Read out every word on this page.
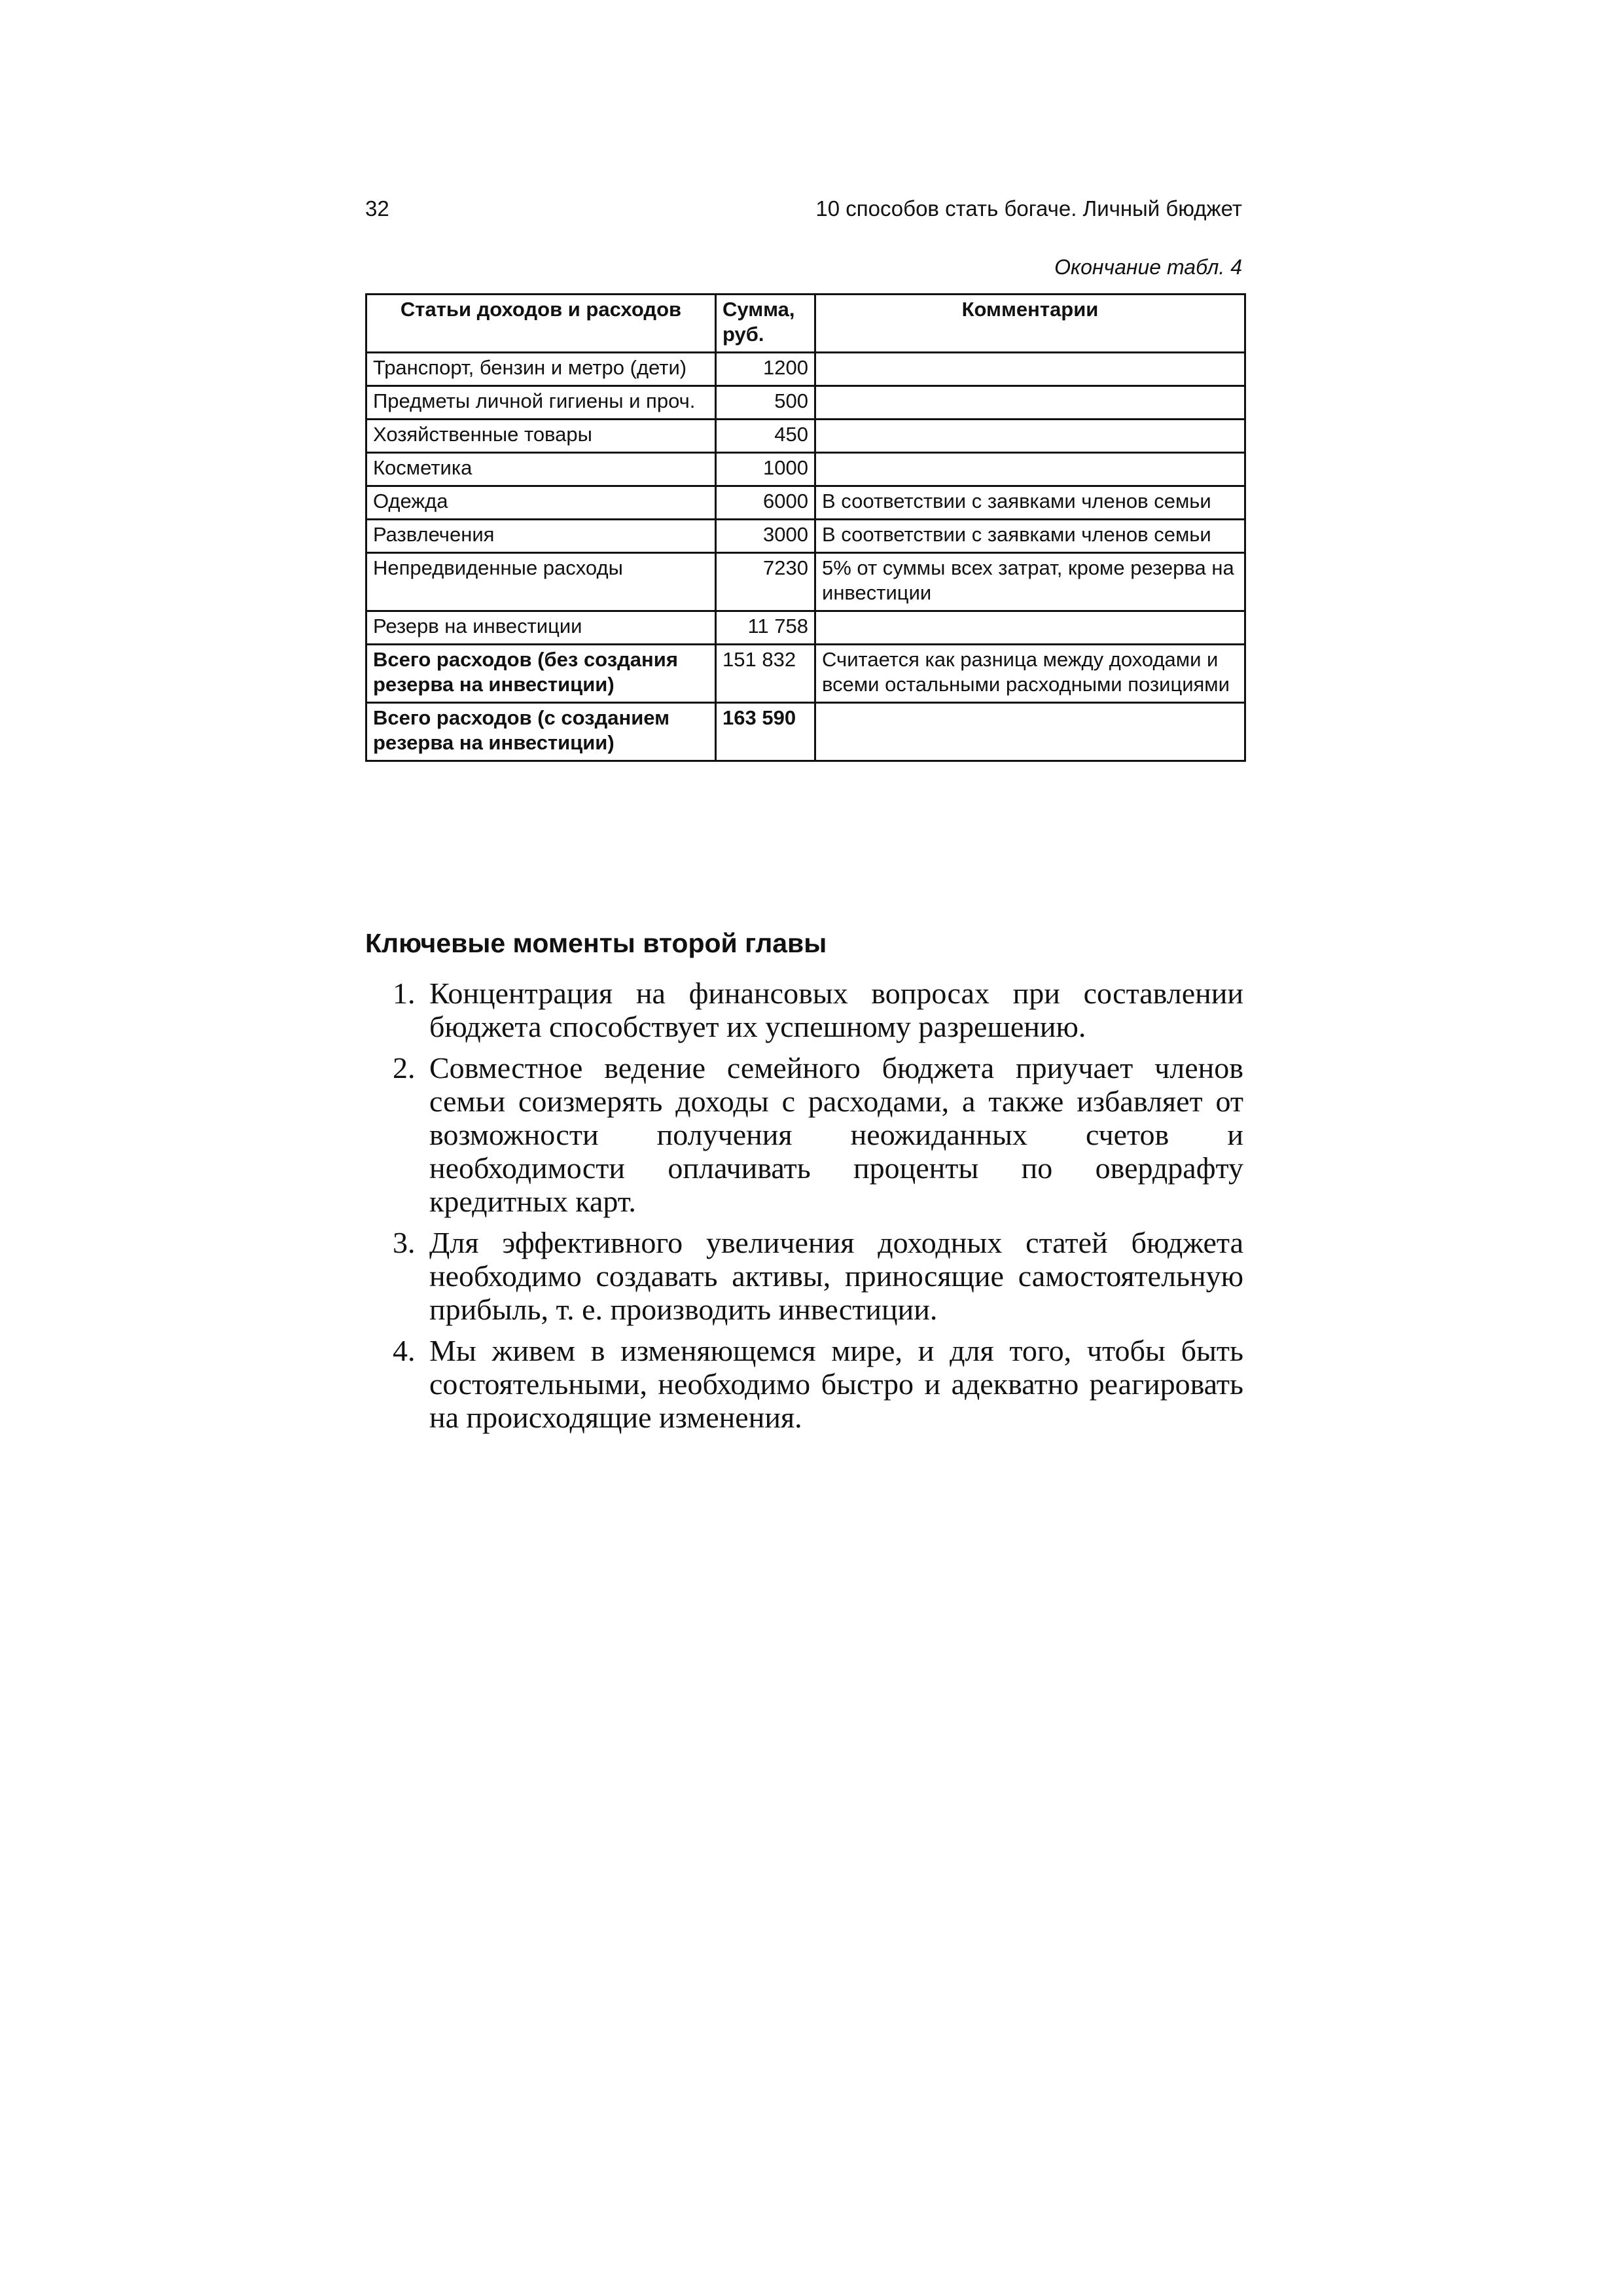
32	10 способов стать богаче. Личный бюджет
Окончание табл. 4
Статьи доходов и расходов	Сумма, руб.	Комментарии
Транспорт, бензин и метро (дети)	1200	
Предметы личной гигиены и проч.	500	
Хозяйственные товары	450	
Косметика	1000	
Одежда	6000	В соответствии с заявками членов семьи
Развлечения	3000	В соответствии с заявками членов семьи
Непредвиденные расходы	7230	5% от суммы всех затрат, кроме резерва на инвестиции
Резерв на инвестиции	11 758	
Всего расходов (без создания резерва на инвестиции)	151 832	Считается как разница между доходами и всеми остальными расходными позициями
Всего расходов (с созданием резерва на инвестиции)	163 590	
Ключевые моменты второй главы
1. Концентрация на финансовых вопросах при составлении бюджета способствует их успешному разрешению.
2. Совместное ведение семейного бюджета приучает членов семьи соизмерять доходы с расходами, а также избавляет от возможности получения неожиданных счетов и необходимости оплачивать проценты по овердрафту кредитных карт.
3. Для эффективного увеличения доходных статей бюджета необходимо создавать активы, приносящие самостоятельную прибыль, т. е. производить инвестиции.
4. Мы живем в изменяющемся мире, и для того, чтобы быть состоятельными, необходимо быстро и адекватно реагировать на происходящие изменения.
